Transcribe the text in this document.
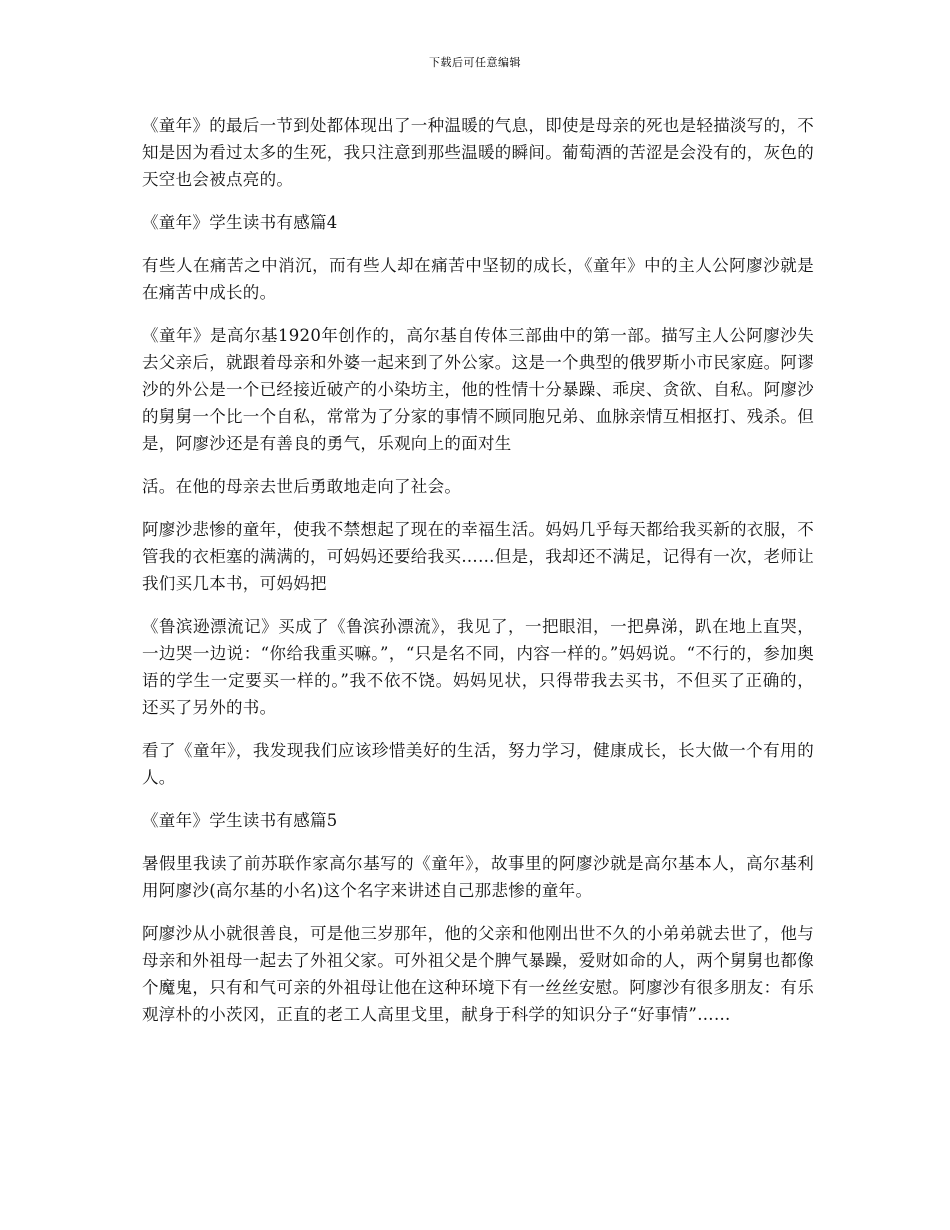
下载后可任意编辑

《童年》的最后一节到处都体现出了一种温暖的气息，即使是母亲的死也是轻描淡写的，不知是因为看过太多的生死，我只注意到那些温暖的瞬间。葡萄酒的苦涩是会没有的，灰色的天空也会被点亮的。

《童年》学生读书有感篇4

有些人在痛苦之中消沉，而有些人却在痛苦中坚韧的成长，《童年》中的主人公阿廖沙就是在痛苦中成长的。

《童年》是高尔基1920年创作的，高尔基自传体三部曲中的第一部。描写主人公阿廖沙失去父亲后，就跟着母亲和外婆一起来到了外公家。这是一个典型的俄罗斯小市民家庭。阿谬沙的外公是一个已经接近破产的小染坊主，他的性情十分暴躁、乖戾、贪欲、自私。阿廖沙的舅舅一个比一个自私，常常为了分家的事情不顾同胞兄弟、血脉亲情互相抠打、残杀。但是，阿廖沙还是有善良的勇气，乐观向上的面对生

活。在他的母亲去世后勇敢地走向了社会。

阿廖沙悲惨的童年，使我不禁想起了现在的幸福生活。妈妈几乎每天都给我买新的衣服，不管我的衣柜塞的满满的，可妈妈还要给我买……但是，我却还不满足，记得有一次，老师让我们买几本书，可妈妈把

《鲁滨逊漂流记》买成了《鲁滨孙漂流》，我见了，一把眼泪，一把鼻涕，趴在地上直哭，一边哭一边说：“你给我重买嘛。”，“只是名不同，内容一样的。”妈妈说。“不行的，参加奥语的学生一定要买一样的。”我不依不饶。妈妈见状，只得带我去买书，不但买了正确的，还买了另外的书。

看了《童年》，我发现我们应该珍惜美好的生活，努力学习，健康成长，长大做一个有用的人。

《童年》学生读书有感篇5

暑假里我读了前苏联作家高尔基写的《童年》，故事里的阿廖沙就是高尔基本人，高尔基利用阿廖沙(高尔基的小名)这个名字来讲述自己那悲惨的童年。

阿廖沙从小就很善良，可是他三岁那年，他的父亲和他刚出世不久的小弟弟就去世了，他与母亲和外祖母一起去了外祖父家。可外祖父是个脾气暴躁，爱财如命的人，两个舅舅也都像个魔鬼，只有和气可亲的外祖母让他在这种环境下有一丝丝安慰。阿廖沙有很多朋友：有乐观淳朴的小茨冈，正直的老工人高里戈里，献身于科学的知识分子“好事情”……
